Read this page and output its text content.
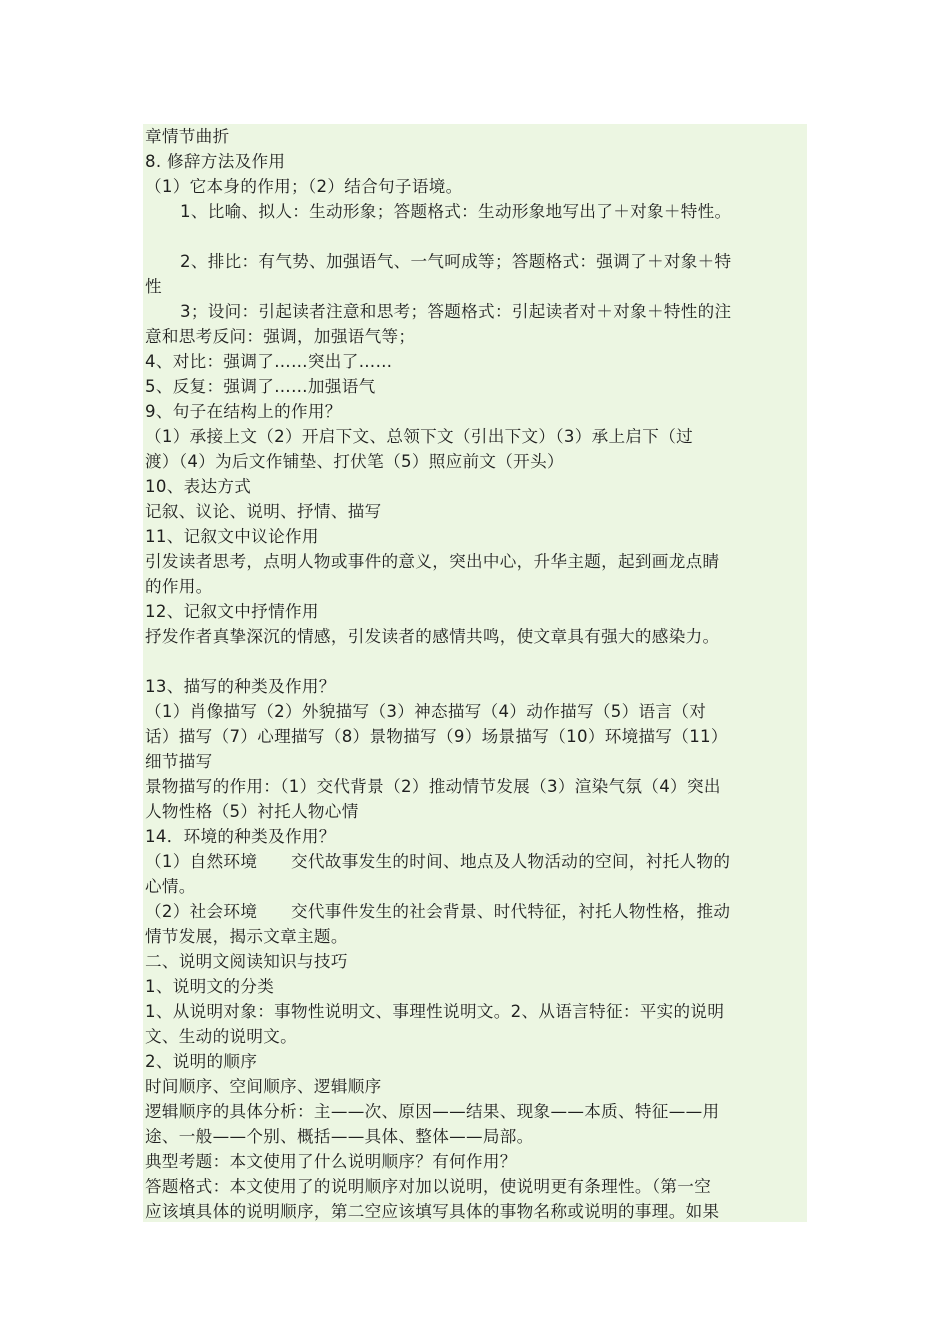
章情节曲折
8. 修辞方法及作用
（1）它本身的作用；（2）结合句子语境。
1、比喻、拟人：生动形象；答题格式：生动形象地写出了＋对象＋特性。
2、排比：有气势、加强语气、一气呵成等；答题格式：强调了＋对象＋特
性
3；设问：引起读者注意和思考；答题格式：引起读者对＋对象＋特性的注
意和思考反问：强调，加强语气等；
4、对比：强调了……突出了……
5、反复：强调了……加强语气
9、句子在结构上的作用？
（1）承接上文（2）开启下文、总领下文（引出下文）（3）承上启下（过
渡）（4）为后文作铺垫、打伏笔（5）照应前文（开头）
10、表达方式
记叙、议论、说明、抒情、描写
11、记叙文中议论作用
引发读者思考，点明人物或事件的意义，突出中心，升华主题，起到画龙点睛
的作用。
12、记叙文中抒情作用
抒发作者真挚深沉的情感，引发读者的感情共鸣，使文章具有强大的感染力。
13、描写的种类及作用？
（1）肖像描写（2）外貌描写（3）神态描写（4）动作描写（5）语言（对
话）描写（7）心理描写（8）景物描写（9）场景描写（10）环境描写（11）
细节描写
景物描写的作用：（1）交代背景（2）推动情节发展（3）渲染气氛（4）突出
人物性格（5）衬托人物心情
14．环境的种类及作用？
（1）自然环境　　交代故事发生的时间、地点及人物活动的空间，衬托人物的
心情。
（2）社会环境　　交代事件发生的社会背景、时代特征，衬托人物性格，推动
情节发展，揭示文章主题。
二、说明文阅读知识与技巧
1、说明文的分类
1、从说明对象：事物性说明文、事理性说明文。2、从语言特征：平实的说明
文、生动的说明文。
2、说明的顺序
时间顺序、空间顺序、逻辑顺序
逻辑顺序的具体分析：主——次、原因——结果、现象——本质、特征——用
途、一般——个别、概括——具体、整体——局部。
典型考题：本文使用了什么说明顺序？有何作用？
答题格式：本文使用了的说明顺序对加以说明，使说明更有条理性。（第一空
应该填具体的说明顺序，第二空应该填写具体的事物名称或说明的事理。如果
